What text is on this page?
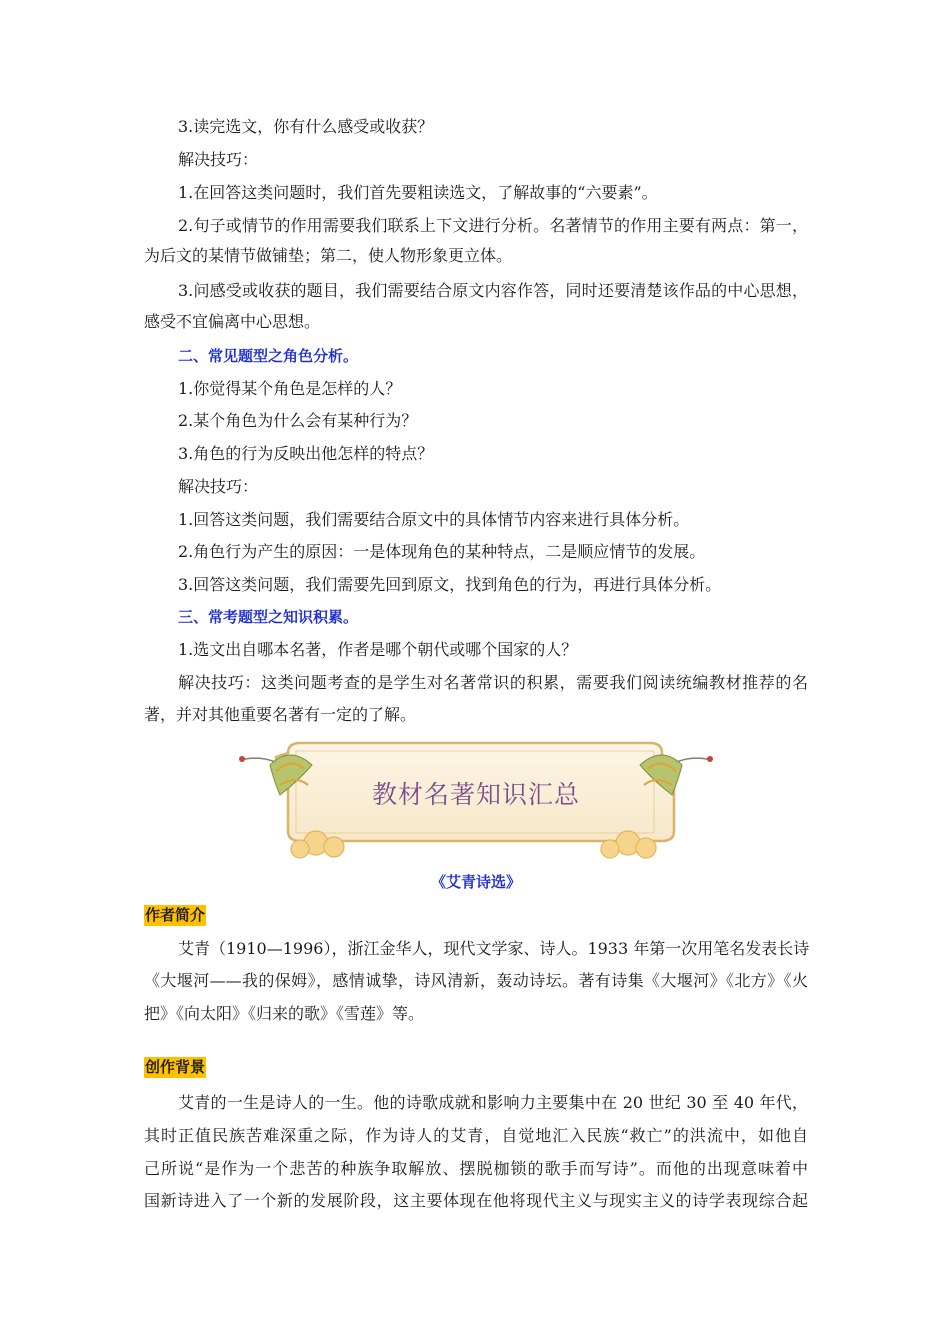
3.读完选文，你有什么感受或收获？
解决技巧：
1.在回答这类问题时，我们首先要粗读选文，了解故事的“六要素”。
2.句子或情节的作用需要我们联系上下文进行分析。名著情节的作用主要有两点：第一，
为后文的某情节做铺垫；第二，使人物形象更立体。
3.问感受或收获的题目，我们需要结合原文内容作答，同时还要清楚该作品的中心思想，
感受不宜偏离中心思想。
二、常见题型之角色分析。
1.你觉得某个角色是怎样的人？
2.某个角色为什么会有某种行为？
3.角色的行为反映出他怎样的特点？
解决技巧：
1.回答这类问题，我们需要结合原文中的具体情节内容来进行具体分析。
2.角色行为产生的原因：一是体现角色的某种特点，二是顺应情节的发展。
3.回答这类问题，我们需要先回到原文，找到角色的行为，再进行具体分析。
三、常考题型之知识积累。
1.选文出自哪本名著，作者是哪个朝代或哪个国家的人？
解决技巧：这类问题考查的是学生对名著常识的积累，需要我们阅读统编教材推荐的名
著，并对其他重要名著有一定的了解。
教材名著知识汇总
《艾青诗选》
作者简介
艾青（1910—1996），浙江金华人，现代文学家、诗人。1933 年第一次用笔名发表长诗
《大堰河——我的保姆》，感情诚挚，诗风清新，轰动诗坛。著有诗集《大堰河》《北方》《火
把》《向太阳》《归来的歌》《雪莲》等。
创作背景
艾青的一生是诗人的一生。他的诗歌成就和影响力主要集中在 20 世纪 30 至 40 年代，
其时正值民族苦难深重之际，作为诗人的艾青，自觉地汇入民族“救亡”的洪流中，如他自
己所说“是作为一个悲苦的种族争取解放、摆脱枷锁的歌手而写诗”。而他的出现意味着中
国新诗进入了一个新的发展阶段，这主要体现在他将现代主义与现实主义的诗学表现综合起
